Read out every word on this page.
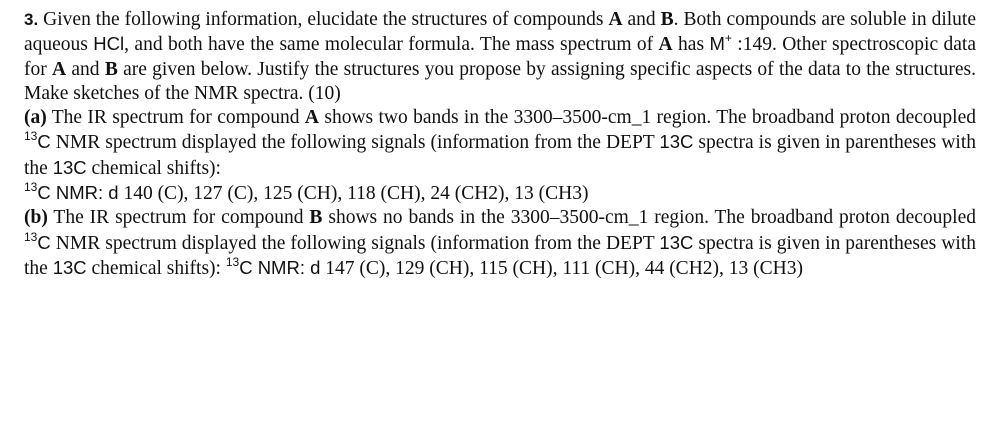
3. Given the following information, elucidate the structures of compounds A and B. Both compounds are soluble in dilute aqueous HCl, and both have the same molecular formula. The mass spectrum of A has M+ :149. Other spectroscopic data for A and B are given below. Justify the structures you propose by assigning specific aspects of the data to the structures. Make sketches of the NMR spectra. (10)

(a) The IR spectrum for compound A shows two bands in the 3300–3500-cm_1 region. The broadband proton decoupled $^{13}$C NMR spectrum displayed the following signals (information from the DEPT 13C spectra is given in parentheses with the 13C chemical shifts):

$^{13}$C NMR: d 140 (C), 127 (C), 125 (CH), 118 (CH), 24 (CH2), 13 (CH3)

(b) The IR spectrum for compound B shows no bands in the 3300–3500-cm_1 region. The broadband proton decoupled $^{13}$C NMR spectrum displayed the following signals (information from the DEPT 13C spectra is given in parentheses with the 13C chemical shifts): $^{13}$C NMR: d 147 (C), 129 (CH), 115 (CH), 111 (CH), 44 (CH2), 13 (CH3)
